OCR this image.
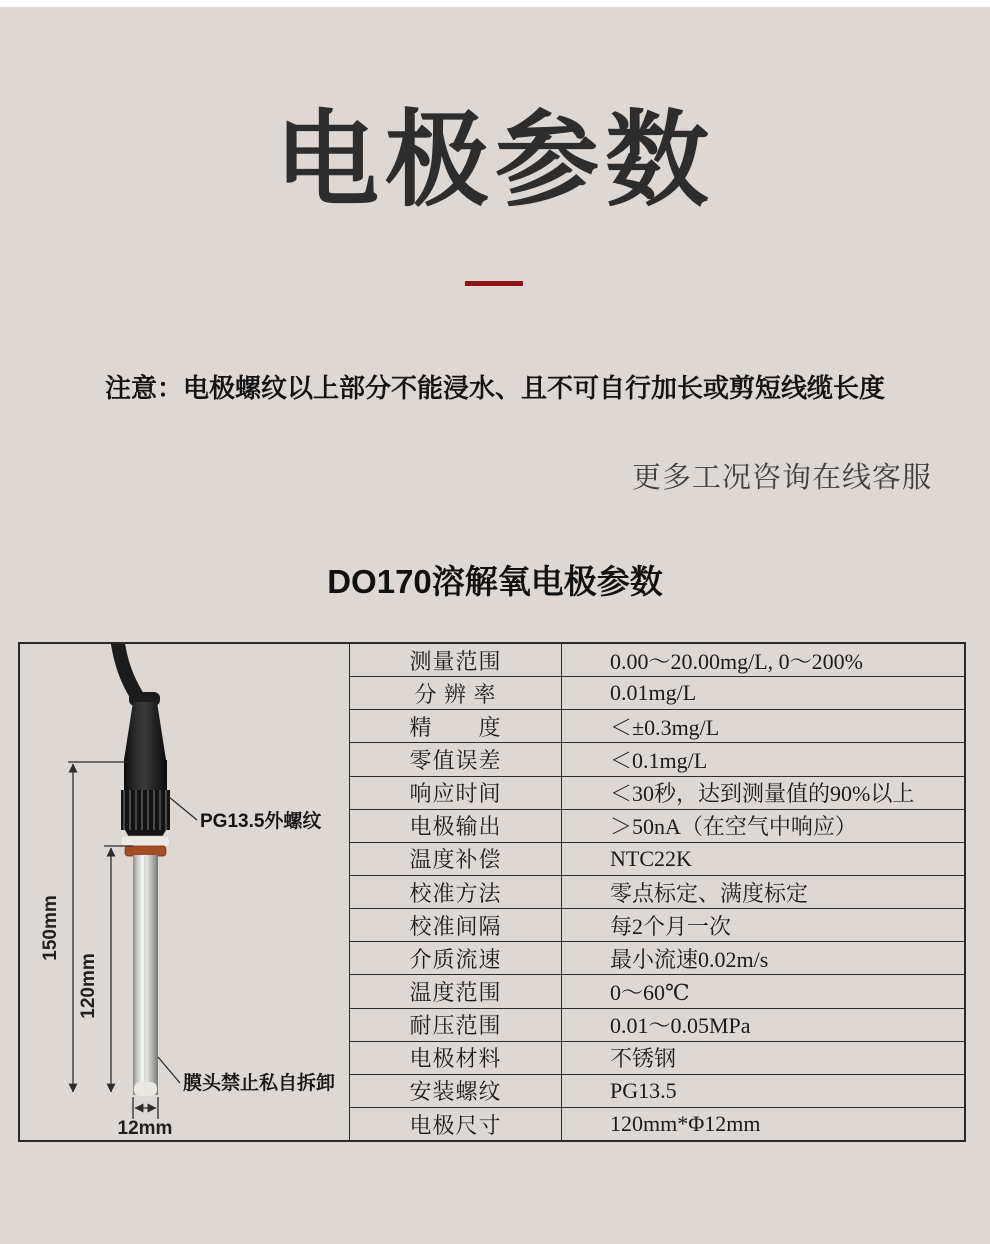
电极参数

注意：电极螺纹以上部分不能浸水、且不可自行加长或剪短线缆长度

更多工况咨询在线客服

DO170溶解氧电极参数
150mm
120mm
12mm
PG13.5外螺纹
膜头禁止私自拆卸
测量范围	0.00～20.00mg/L, 0～200%
分 辨 率	0.01mg/L
精　　度	＜±0.3mg/L
零值误差	＜0.1mg/L
响应时间	＜30秒，达到测量值的90%以上
电极输出	＞50nA（在空气中响应）
温度补偿	NTC22K
校准方法	零点标定、满度标定
校准间隔	每2个月一次
介质流速	最小流速0.02m/s
温度范围	0～60℃
耐压范围	0.01～0.05MPa
电极材料	不锈钢
安装螺纹	PG13.5
电极尺寸	120mm*Φ12mm
